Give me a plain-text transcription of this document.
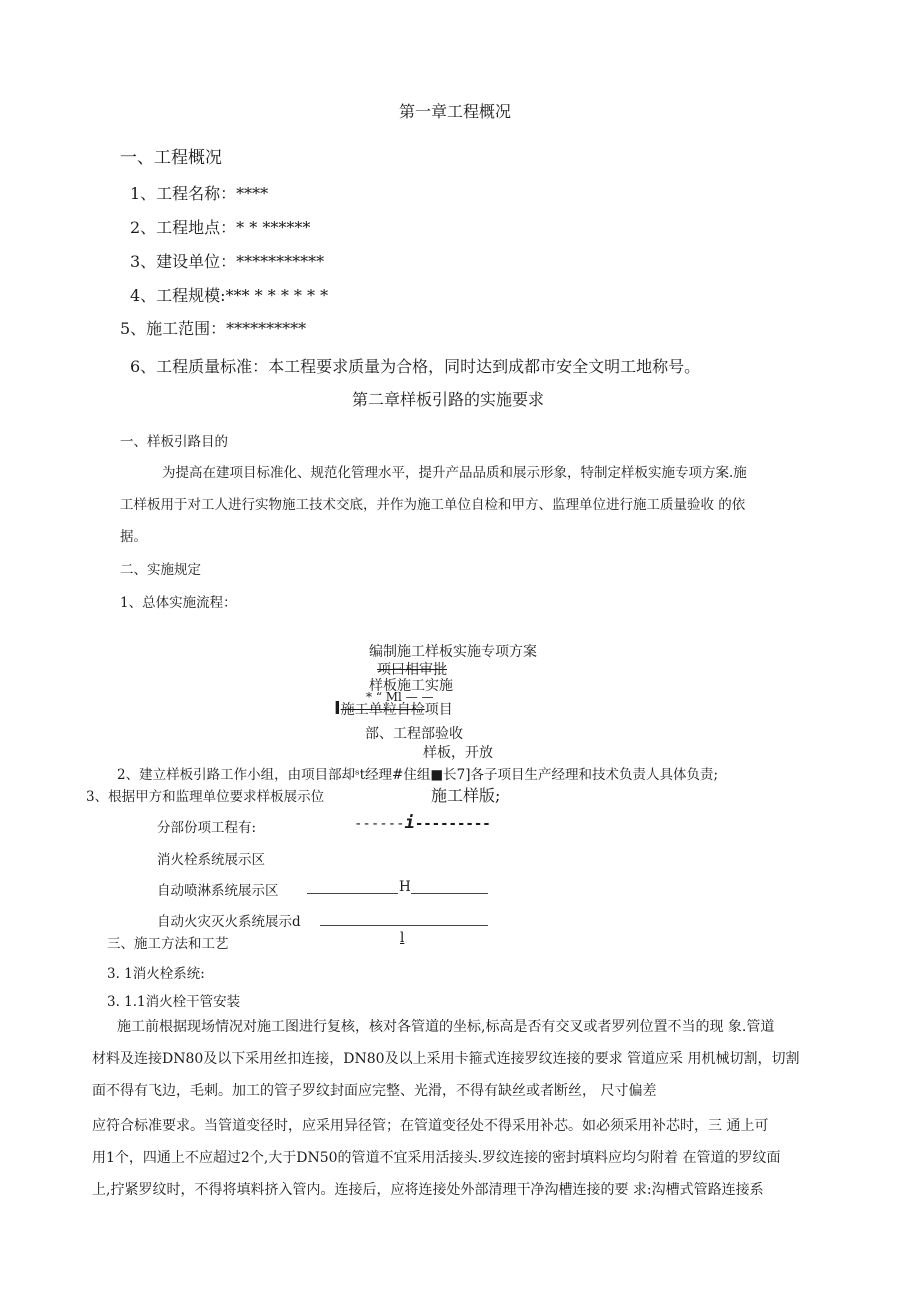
第一章工程概况
一、工程概况
1、工程名称：****
2、工程地点：* * ******
3、建设单位：***********
4、工程规模:*** * * * * * *
5、施工范围：**********
6、工程质量标准：本工程要求质量为合格，同时达到成都市安全文明工地称号。
第二章样板引路的实施要求
一、样板引路目的
为提高在建项目标准化、规范化管理水平，提升产品品质和展示形象，特制定样板实施专项方案.施
工样板用于对工人进行实物施工技术交底，并作为施工单位自检和甲方、监理单位进行施工质量验收 的依
据。
二、实施规定
1、总体实施流程：
编制施工样板实施专项方案
项曰相审批
样板施工实施
* “ Ml — —
I施工单粒自检项目
部、工程部验收
样板，开放
2、建立样板引路工作小组，由项目部却ˢt经理#住组■长7]各子项目生产经理和技术负责人具体负责;
3、根据甲方和监理单位要求样板展示位	施工样版;
分部份项工程有:	------i---------
消火栓系统展示区
自动喷淋系统展示区	H
自动火灾灭火系统展示d
三、施工方法和工艺	l
3. 1消火栓系统:
3. 1.1消火栓干管安装
施工前根据现场情况对施工图进行复核，核对各管道的坐标,标高是否有交叉或者罗列位置不当的现 象.管道
材料及连接DN80及以下采用丝扣连接，DN80及以上采用卡箍式连接罗纹连接的要求 管道应采 用机械切割，切割
面不得有飞边，毛刺。加工的管子罗纹封面应完整、光滑，不得有缺丝或者断丝， 尺寸偏差
应符合标准要求。当管道变径时，应采用异径管；在管道变径处不得采用补芯。如必须采用补芯时，三 通上可
用1个，四通上不应超过2个,大于DN50的管道不宜采用活接头.罗纹连接的密封填料应均匀附着 在管道的罗纹面
上,拧紧罗纹时，不得将填料挤入管内。连接后，应将连接处外部清理干净沟槽连接的要 求:沟槽式管路连接系
